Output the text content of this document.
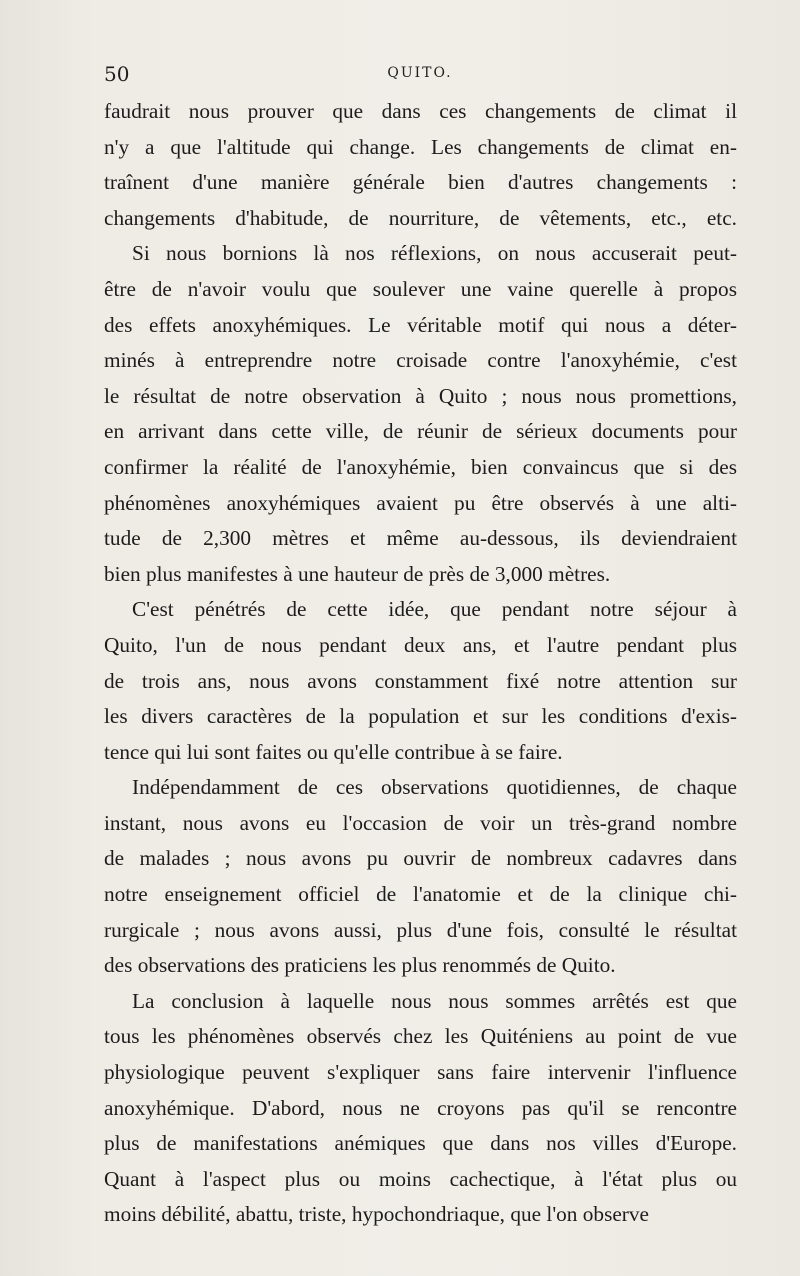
50	QUITO.
faudrait nous prouver que dans ces changements de climat il
n'y a que l'altitude qui change. Les changements de climat en-
traînent d'une manière générale bien d'autres changements :
changements d'habitude, de nourriture, de vêtements, etc., etc.
Si nous bornions là nos réflexions, on nous accuserait peut-
être de n'avoir voulu que soulever une vaine querelle à propos
des effets anoxyhémiques. Le véritable motif qui nous a déter-
minés à entreprendre notre croisade contre l'anoxyhémie, c'est
le résultat de notre observation à Quito ; nous nous promettions,
en arrivant dans cette ville, de réunir de sérieux documents pour
confirmer la réalité de l'anoxyhémie, bien convaincus que si des
phénomènes anoxyhémiques avaient pu être observés à une alti-
tude de 2,300 mètres et même au-dessous, ils deviendraient
bien plus manifestes à une hauteur de près de 3,000 mètres.
C'est pénétrés de cette idée, que pendant notre séjour à
Quito, l'un de nous pendant deux ans, et l'autre pendant plus
de trois ans, nous avons constamment fixé notre attention sur
les divers caractères de la population et sur les conditions d'exis-
tence qui lui sont faites ou qu'elle contribue à se faire.
Indépendamment de ces observations quotidiennes, de chaque
instant, nous avons eu l'occasion de voir un très-grand nombre
de malades ; nous avons pu ouvrir de nombreux cadavres dans
notre enseignement officiel de l'anatomie et de la clinique chi-
rurgicale ; nous avons aussi, plus d'une fois, consulté le résultat
des observations des praticiens les plus renommés de Quito.
La conclusion à laquelle nous nous sommes arrêtés est que
tous les phénomènes observés chez les Quiténiens au point de vue
physiologique peuvent s'expliquer sans faire intervenir l'influence
anoxyhémique. D'abord, nous ne croyons pas qu'il se rencontre
plus de manifestations anémiques que dans nos villes d'Europe.
Quant à l'aspect plus ou moins cachectique, à l'état plus ou
moins débilité, abattu, triste, hypochondriaque, que l'on observe
